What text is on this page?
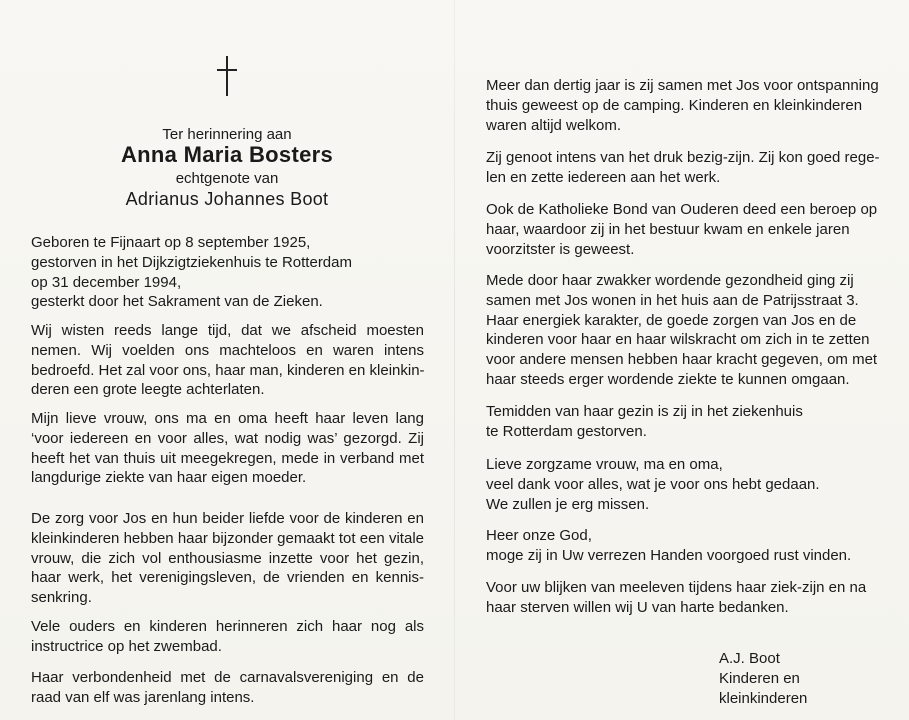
Ter herinnering aan
Anna Maria Bosters
echtgenote van
Adrianus Johannes Boot
Geboren te Fijnaart op 8 september 1925,
gestorven in het Dijkzigtziekenhuis te Rotterdam
op 31 december 1994,
gesterkt door het Sakrament van de Zieken.
Wij wisten reeds lange tijd, dat we afscheid moesten
nemen. Wij voelden ons machteloos en waren intens
bedroefd. Het zal voor ons, haar man, kinderen en kleinkin-
deren een grote leegte achterlaten.
Mijn lieve vrouw, ons ma en oma heeft haar leven lang
‘voor iedereen en voor alles, wat nodig was’ gezorgd. Zij
heeft het van thuis uit meegekregen, mede in verband met
langdurige ziekte van haar eigen moeder.
De zorg voor Jos en hun beider liefde voor de kinderen en
kleinkinderen hebben haar bijzonder gemaakt tot een vitale
vrouw, die zich vol enthousiasme inzette voor het gezin,
haar werk, het verenigingsleven, de vrienden en kennis-
senkring.
Vele ouders en kinderen herinneren zich haar nog als
instructrice op het zwembad.
Haar verbondenheid met de carnavalsvereniging en de
raad van elf was jarenlang intens.
Meer dan dertig jaar is zij samen met Jos voor ontspanning
thuis geweest op de camping. Kinderen en kleinkinderen
waren altijd welkom.
Zij genoot intens van het druk bezig-zijn. Zij kon goed rege-
len en zette iedereen aan het werk.
Ook de Katholieke Bond van Ouderen deed een beroep op
haar, waardoor zij in het bestuur kwam en enkele jaren
voorzitster is geweest.
Mede door haar zwakker wordende gezondheid ging zij
samen met Jos wonen in het huis aan de Patrijsstraat 3.
Haar energiek karakter, de goede zorgen van Jos en de
kinderen voor haar en haar wilskracht om zich in te zetten
voor andere mensen hebben haar kracht gegeven, om met
haar steeds erger wordende ziekte te kunnen omgaan.
Temidden van haar gezin is zij in het ziekenhuis
te Rotterdam gestorven.
Lieve zorgzame vrouw, ma en oma,
veel dank voor alles, wat je voor ons hebt gedaan.
We zullen je erg missen.
Heer onze God,
moge zij in Uw verrezen Handen voorgoed rust vinden.
Voor uw blijken van meeleven tijdens haar ziek-zijn en na
haar sterven willen wij U van harte bedanken.
A.J. Boot
Kinderen en
kleinkinderen
